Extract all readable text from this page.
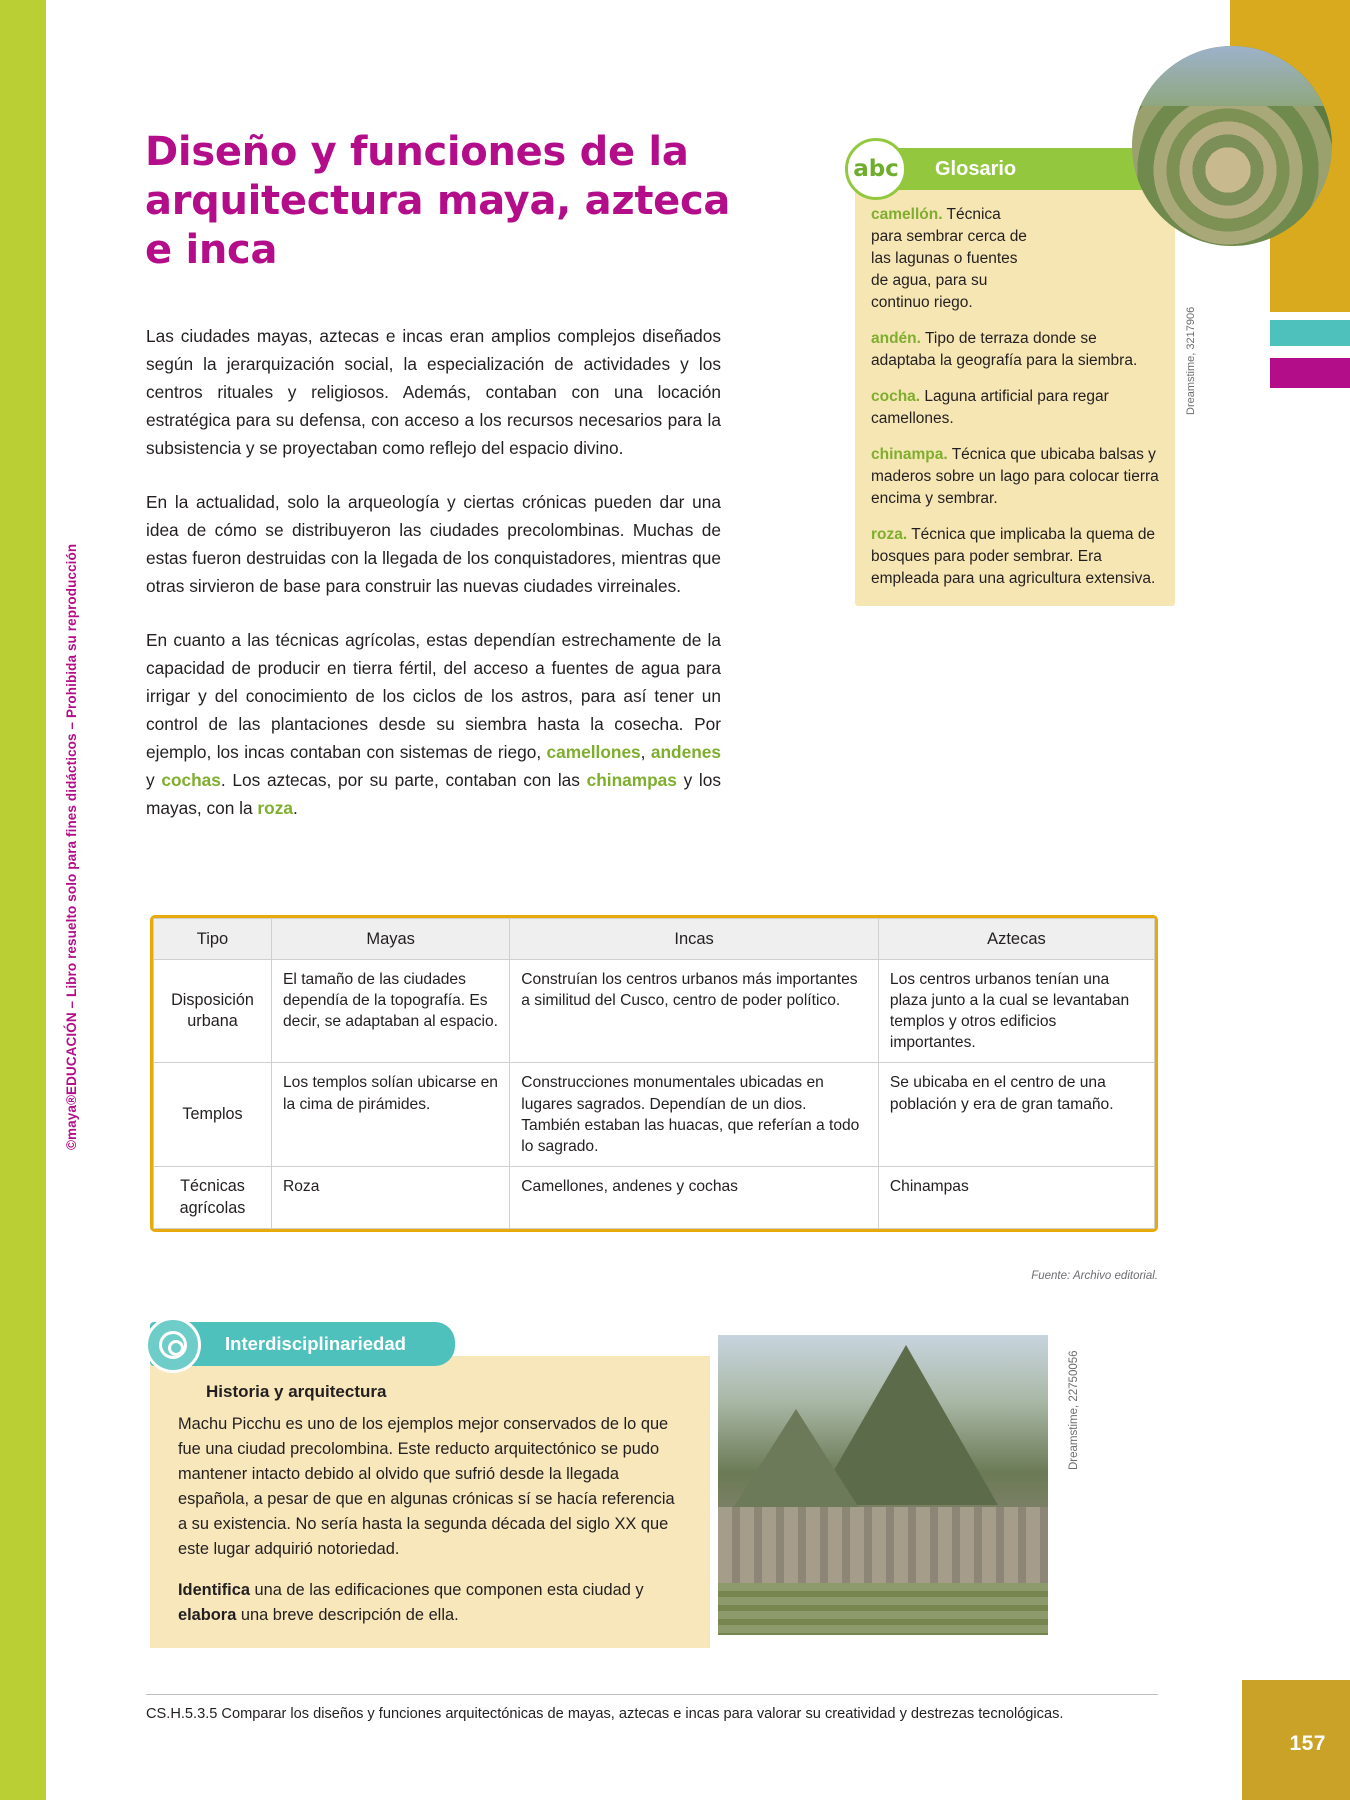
157
©maya®EDUCACIÓN – Libro resuelto solo para fines didácticos – Prohibida su reproducción
Diseño y funciones de la arquitectura maya, azteca e inca

Las ciudades mayas, aztecas e incas eran amplios complejos diseñados según la jerarquización social, la especialización de actividades y los centros rituales y religiosos. Además, contaban con una locación estratégica para su defensa, con acceso a los recursos necesarios para la subsistencia y se proyectaban como reflejo del espacio divino.

En la actualidad, solo la arqueología y ciertas crónicas pueden dar una idea de cómo se distribuyeron las ciudades precolombinas. Muchas de estas fueron destruidas con la llegada de los conquistadores, mientras que otras sirvieron de base para construir las nuevas ciudades virreinales.

En cuanto a las técnicas agrícolas, estas dependían estrechamente de la capacidad de producir en tierra fértil, del acceso a fuentes de agua para irrigar y del conocimiento de los ciclos de los astros, para así tener un control de las plantaciones desde su siembra hasta la cosecha. Por ejemplo, los incas contaban con sistemas de riego, camellones, andenes y cochas. Los aztecas, por su parte, contaban con las chinampas y los mayas, con la roza.

camellón. Técnica para sembrar cerca de las lagunas o fuentes de agua, para su continuo riego.
andén. Tipo de terraza donde se adaptaba la geografía para la siembra.
cocha. Laguna artificial para regar camellones.
chinampa. Técnica que ubicaba balsas y maderos sobre un lago para colocar tierra encima y sembrar.
roza. Técnica que implicaba la quema de bosques para poder sembrar. Era empleada para una agricultura extensiva.
Glosario
abc
Dreamstime, 3217906
Tipo	Mayas	Incas	Aztecas
Disposición urbana	El tamaño de las ciudades dependía de la topografía. Es decir, se adaptaban al espacio.	Construían los centros urbanos más importantes a similitud del Cusco, centro de poder político.	Los centros urbanos tenían una plaza junto a la cual se levantaban templos y otros edificios importantes.
Templos	Los templos solían ubicarse en la cima de pirámides.	Construcciones monumentales ubicadas en lugares sagrados. Dependían de un dios. También estaban las huacas, que referían a todo lo sagrado.	Se ubicaba en el centro de una población y era de gran tamaño.
Técnicas agrícolas	Roza	Camellones, andenes y cochas	Chinampas
Fuente: Archivo editorial.
Historia y arquitectura

Machu Picchu es uno de los ejemplos mejor conservados de lo que fue una ciudad precolombina. Este reducto arquitectónico se pudo mantener intacto debido al olvido que sufrió desde la llegada española, a pesar de que en algunas crónicas sí se hacía referencia a su existencia. No sería hasta la segunda década del siglo XX que este lugar adquirió notoriedad.

Identifica una de las edificaciones que componen esta ciudad y elabora una breve descripción de ella.

Interdisciplinariedad
Dreamstime, 22750056
CS.H.5.3.5 Comparar los diseños y funciones arquitectónicas de mayas, aztecas e incas para valorar su creatividad y destrezas tecnológicas.
